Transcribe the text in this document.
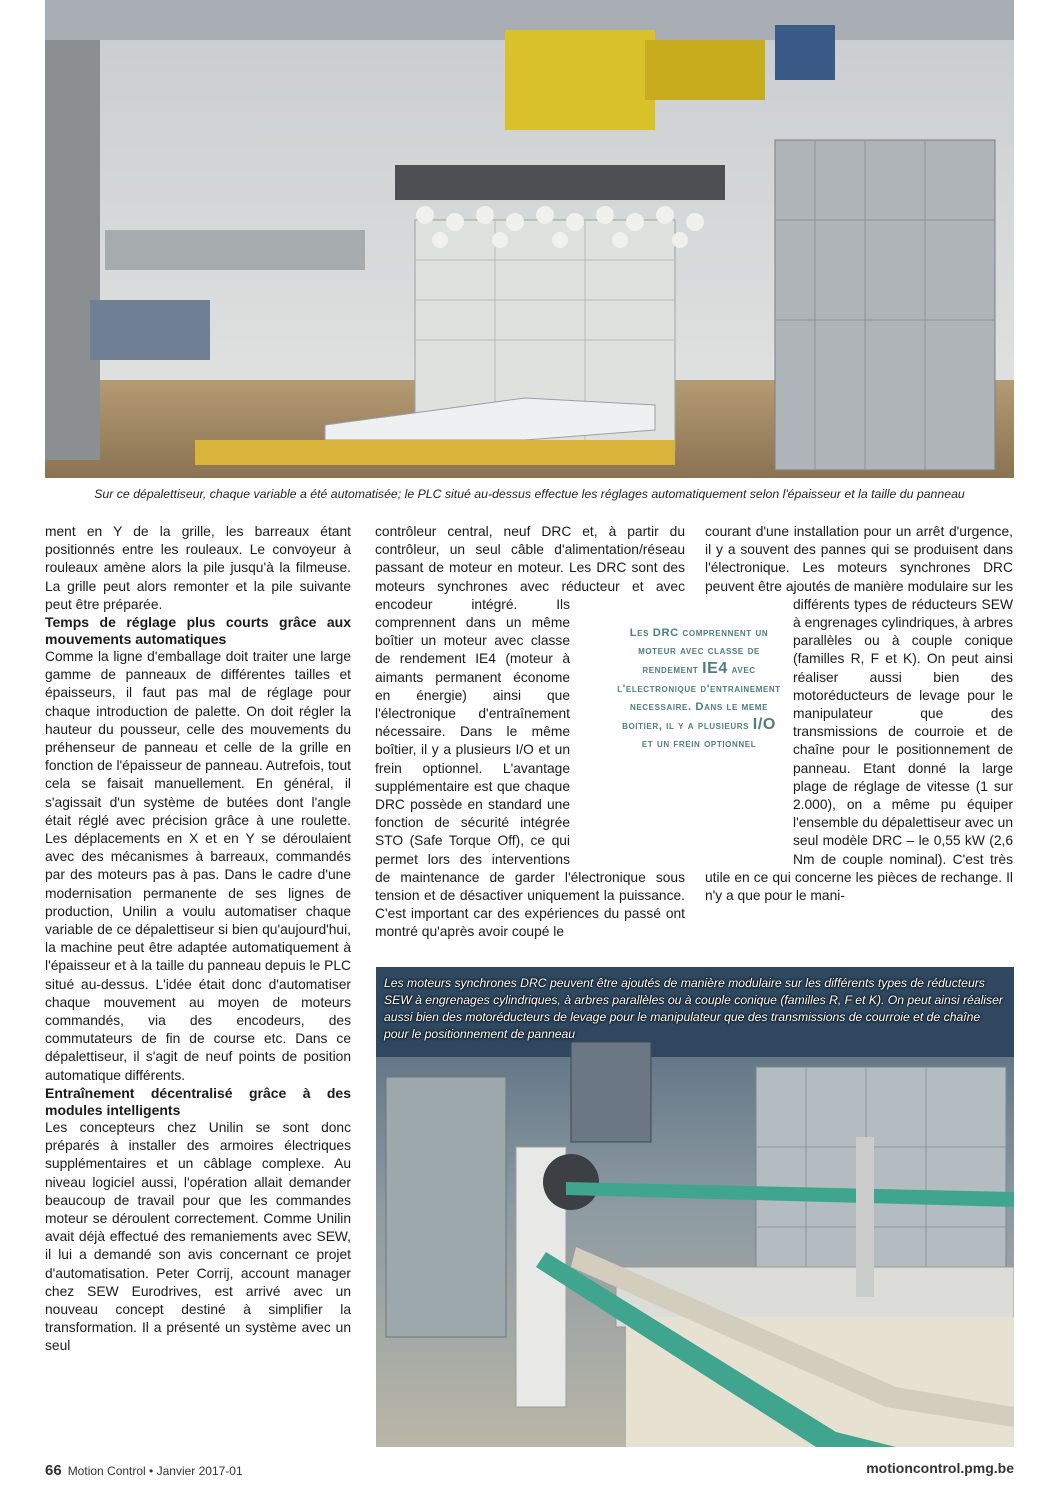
Sur ce dépalettiseur, chaque variable a été automatisée; le PLC situé au-dessus effectue les réglages automatiquement selon l'épaisseur et la taille du panneau

ment en Y de la grille, les barreaux étant positionnés entre les rouleaux. Le convoyeur à rouleaux amène alors la pile jusqu'à la filmeuse. La grille peut alors remonter et la pile suivante peut être préparée.

Temps de réglage plus courts grâce aux mouvements automatiques

Comme la ligne d'emballage doit traiter une large gamme de panneaux de différentes tailles et épaisseurs, il faut pas mal de réglage pour chaque introduction de palette. On doit régler la hauteur du pousseur, celle des mouvements du préhenseur de panneau et celle de la grille en fonction de l'épaisseur de panneau. Autrefois, tout cela se faisait manuellement. En général, il s'agissait d'un système de butées dont l'angle était réglé avec précision grâce à une roulette. Les déplacements en X et en Y se déroulaient avec des mécanismes à barreaux, commandés par des moteurs pas à pas. Dans le cadre d'une modernisation permanente de ses lignes de production, Unilin a voulu automatiser chaque variable de ce dépalettiseur si bien qu'aujourd'hui, la machine peut être adaptée automatiquement à l'épaisseur et à la taille du panneau depuis le PLC situé au-dessus. L'idée était donc d'automatiser chaque mouvement au moyen de moteurs commandés, via des encodeurs, des commutateurs de fin de course etc. Dans ce dépalettiseur, il s'agit de neuf points de position automatique différents.

Entraînement décentralisé grâce à des modules intelligents

Les concepteurs chez Unilin se sont donc préparés à installer des armoires électriques supplémentaires et un câblage complexe. Au niveau logiciel aussi, l'opération allait demander beaucoup de travail pour que les commandes moteur se déroulent correctement. Comme Unilin avait déjà effectué des remaniements avec SEW, il lui a demandé son avis concernant ce projet d'automatisation. Peter Corrij, account manager chez SEW Eurodrives, est arrivé avec un nouveau concept destiné à simplifier la transformation. Il a présenté un système avec un seul

contrôleur central, neuf DRC et, à partir du contrôleur, un seul câble d'alimentation/réseau passant de moteur en moteur. Les DRC sont des moteurs synchrones avec réducteur et avec encodeur intégré. Ils comprennent dans un même boîtier un moteur avec classe de rendement IE4 (moteur à aimants permanent économe en énergie) ainsi que l'électronique d'entraînement nécessaire. Dans le même boîtier, il y a plusieurs I/O et un frein optionnel. L'avantage supplémentaire est que chaque DRC possède en standard une fonction de sécurité intégrée STO (Safe Torque Off), ce qui permet lors des interventions de maintenance de garder l'électronique sous tension et de désactiver uniquement la puissance. C'est important car des expériences du passé ont montré qu'après avoir coupé le

courant d'une installation pour un arrêt d'urgence, il y a souvent des pannes qui se produisent dans l'électronique. Les moteurs synchrones DRC peuvent être ajoutés de manière modulaire sur les différents types de réducteurs SEW à engrenages cylindriques, à arbres parallèles ou à couple conique (familles R, F et K). On peut ainsi réaliser aussi bien des motoréducteurs de levage pour le manipulateur que des transmissions de courroie et de chaîne pour le positionnement de panneau. Etant donné la large plage de réglage de vitesse (1 sur 2.000), on a même pu équiper l'ensemble du dépalettiseur avec un seul modèle DRC – le 0,55 kW (2,6 Nm de couple nominal). C'est très utile en ce qui concerne les pièces de rechange. Il n'y a que pour le mani-

Les DRC comprennent un moteur avec classe de rendement IE4 avec l'electronique d'entrainement necessaire. Dans le meme boitier, il y a plusieurs I/O et un frein optionnel
Les moteurs synchrones DRC peuvent être ajoutés de manière modulaire sur les différents types de réducteurs SEW à engrenages cylindriques, à arbres parallèles ou à couple conique (familles R, F et K). On peut ainsi réaliser aussi bien des motoréducteurs de levage pour le manipulateur que des transmissions de courroie et de chaîne pour le positionnement de panneau
66 Motion Control • Janvier 2017-01	motioncontrol.pmg.be
